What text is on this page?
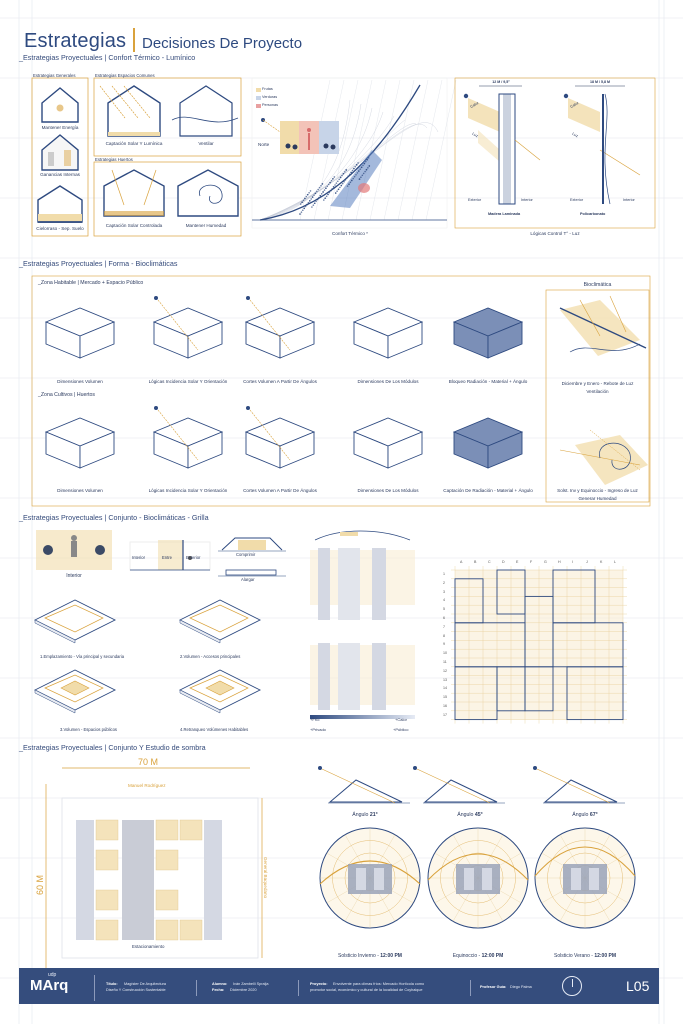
Estrategias Decisiones De Proyecto
_Estrategias Proyectuales | Confort Térmico - Lumínico
_Estrategias Proyectuales | Forma - Bioclimáticas
_Estrategias Proyectuales | Conjunto - Bioclimáticas - Grilla
_Estrategias Proyectuales | Conjunto Y Estudio de sombra
Estrategias Generales	Estrategias Espacios Comunes
Estrategias Huertos
Mantener Energía
Ganancias Internas
Cielorraso - Sep. Suelo
Captación Solar Y Lumínica	Ventilar
Captación Solar Controlada	Mantener Humedad
Frutas
Verduras
Personas
Norte
Confort Térmico *
12 M / 9,5°	18 M / 5,8 M
Calor
Luz
Calor
Luz
Exterior	Interior	Exterior	Interior
Madera Laminada	Policarbonato
Lógicas Control T° - Luz
_Zona Habitable | Mercado + Espacio Público
_Zona Cultivos | Huertos
Bioclimática
Dimensiones Volumen	Lógicas Incidencia Solar Y Orientación	Cortes Volumen A Partir De Ángulos	Dimensiones De Los Módulos	Bloqueo Radiación - Material + Ángulo
Dimensiones Volumen	Lógicas Incidencia Solar Y Orientación	Cortes Volumen A Partir De Ángulos	Dimensiones De Los Módulos	Captación De Radiación - Material + Ángulo
Diciembre y Enero - Rebote de Luz
Ventilación
Solst. Inv y Equinoccio - Ingreso de Luz
Generar Humedad
Interior
Interior	Entre	Exterior
Comprimir
Alargar
1.Emplazamiento - Vía principal y secundaria	2.Volumen - Accesos principales
3.Volumen - Espacios públicos	4.Retranqueo Volúmenes Habitables
+Frío	+Calor
+Privado	+Público
A	B	C	D	E	F	G	H	I	J	K	L
1
2
3
4
5
6
7
8
9
10
11
12
13
14
15
16
17
70 M
60 M
Manuel Rodríguez
General Baquedano
Estacionamiento
Ángulo 21°	Ángulo 45°	Ángulo 67°
Solsticio Invierno - 12:00 PM	Equinoccio - 12:00 PM	Solsticio Verano - 12:00 PM
udp
MArq	Título: Magíster De Arquitectura
Diseño Y Construcción Sustentable
Alumno: Iván Zambelli Spralja
Fecha: Diciembre 2020
Proyecto: Envolvente para climas fríos: Mercado Hortícola como
promotor social, económico y cultural de la localidad de Coyhaique
Profesor Guía: Diego Palma	L05
